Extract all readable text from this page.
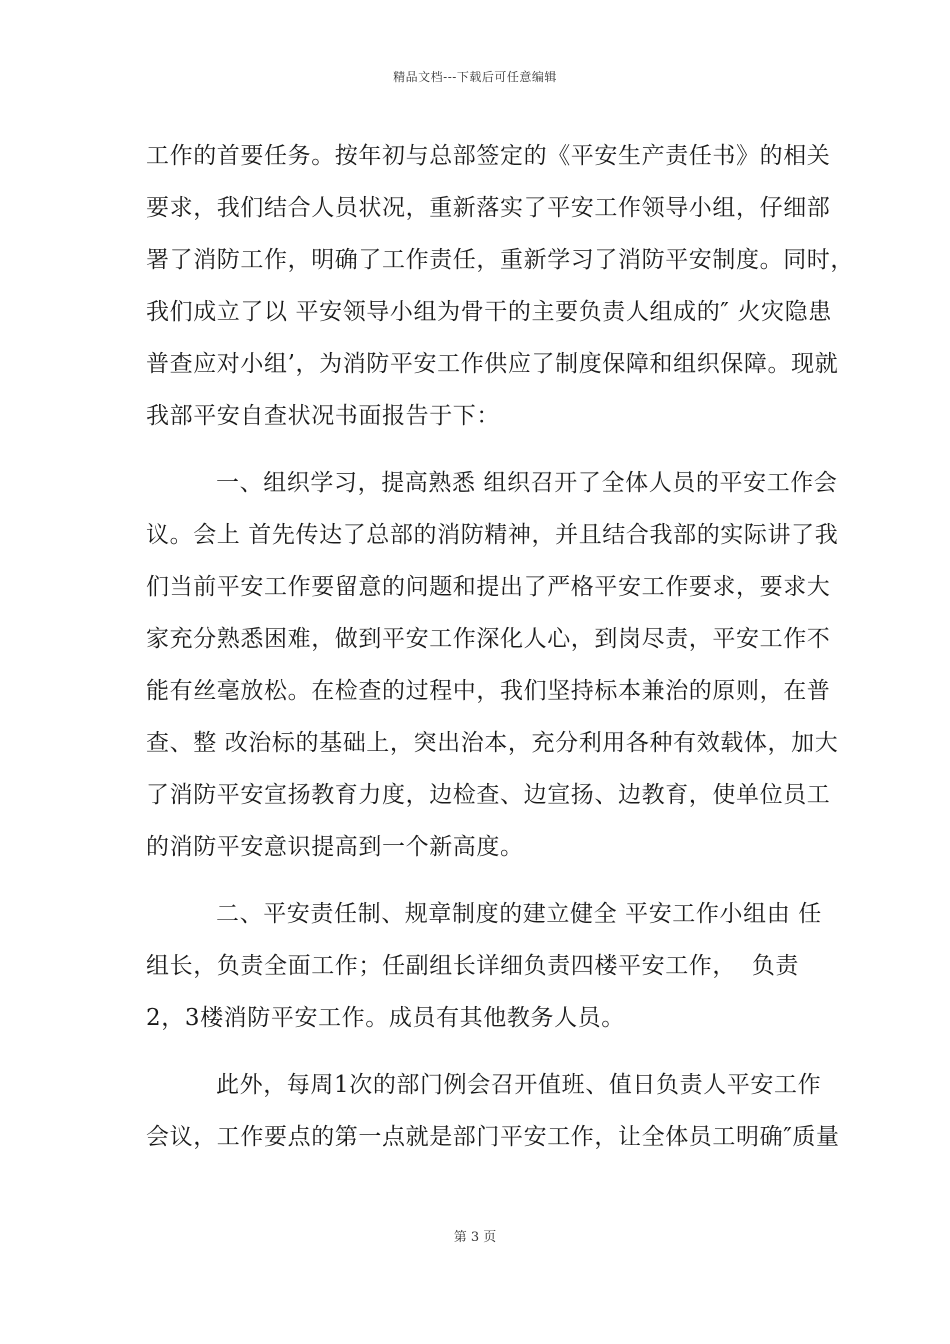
精品文档---下载后可任意编辑
工作的首要任务。按年初与总部签定的《平安生产责任书》的相关
要求，我们结合人员状况，重新落实了平安工作领导小组，仔细部
署了消防工作，明确了工作责任，重新学习了消防平安制度。同时，
我们成立了以 平安领导小组为骨干的主要负责人组成的″ 火灾隐患
普查应对小组’，为消防平安工作供应了制度保障和组织保障。现就
我部平安自查状况书面报告于下：
一、组织学习，提高熟悉 组织召开了全体人员的平安工作会
议。会上 首先传达了总部的消防精神，并且结合我部的实际讲了我
们当前平安工作要留意的问题和提出了严格平安工作要求，要求大
家充分熟悉困难，做到平安工作深化人心，到岗尽责，平安工作不
能有丝毫放松。在检查的过程中，我们坚持标本兼治的原则，在普
查、整 改治标的基础上，突出治本，充分利用各种有效载体，加大
了消防平安宣扬教育力度，边检查、边宣扬、边教育，使单位员工
的消防平安意识提高到一个新高度。
二、平安责任制、规章制度的建立健全 平安工作小组由 任
组长，负责全面工作；任副组长详细负责四楼平安工作，  负责
2，3楼消防平安工作。成员有其他教务人员。
此外，每周1次的部门例会召开值班、值日负责人平安工作
会议，工作要点的第一点就是部门平安工作，让全体员工明确″质量
第 3 页
